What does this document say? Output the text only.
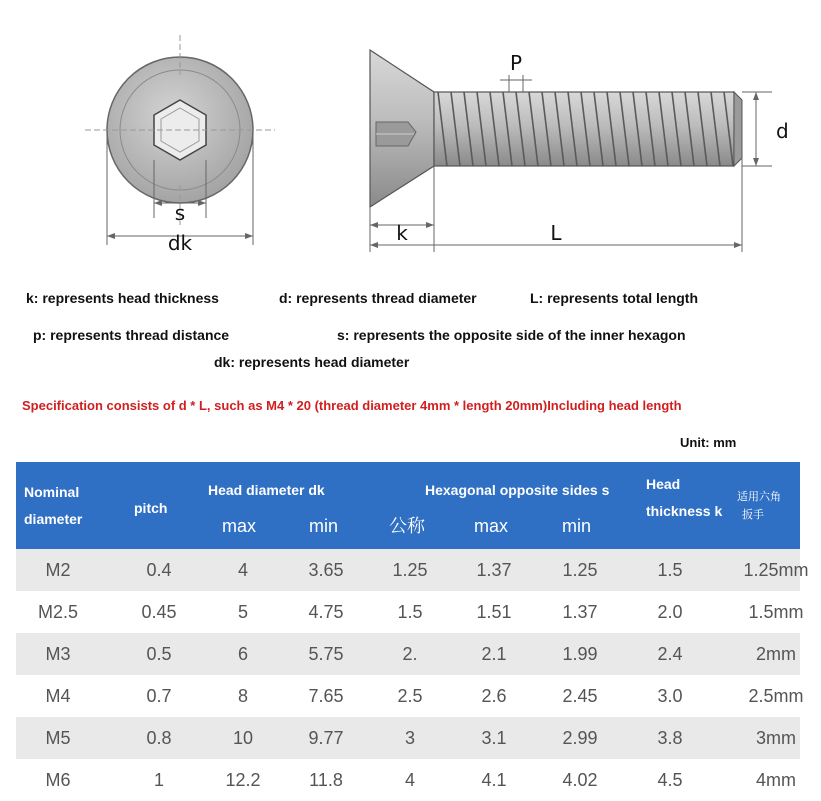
s
dk
P
d
k	L
k: represents head thickness	d: represents thread diameter	L: represents total length
p: represents thread distance	s: represents the opposite side of the inner hexagon
dk: represents head diameter
Specification consists of d * L, such as M4 * 20 (thread diameter 4mm * length 20mm)Including head length
Unit: mm
Nominal
diameter
pitch
Head diameter dk
max	min
Hexagonal opposite sides s
公称	max	min
Head
thickness k
适用六角
扳手
M2	0.4	4	3.65	1.25	1.37	1.25	1.5	1.25mm
M2.5	0.45	5	4.75	1.5	1.51	1.37	2.0	1.5mm
M3	0.5	6	5.75	2.	2.1	1.99	2.4	2mm
M4	0.7	8	7.65	2.5	2.6	2.45	3.0	2.5mm
M5	0.8	10	9.77	3	3.1	2.99	3.8	3mm
M6	1	12.2	11.8	4	4.1	4.02	4.5	4mm
